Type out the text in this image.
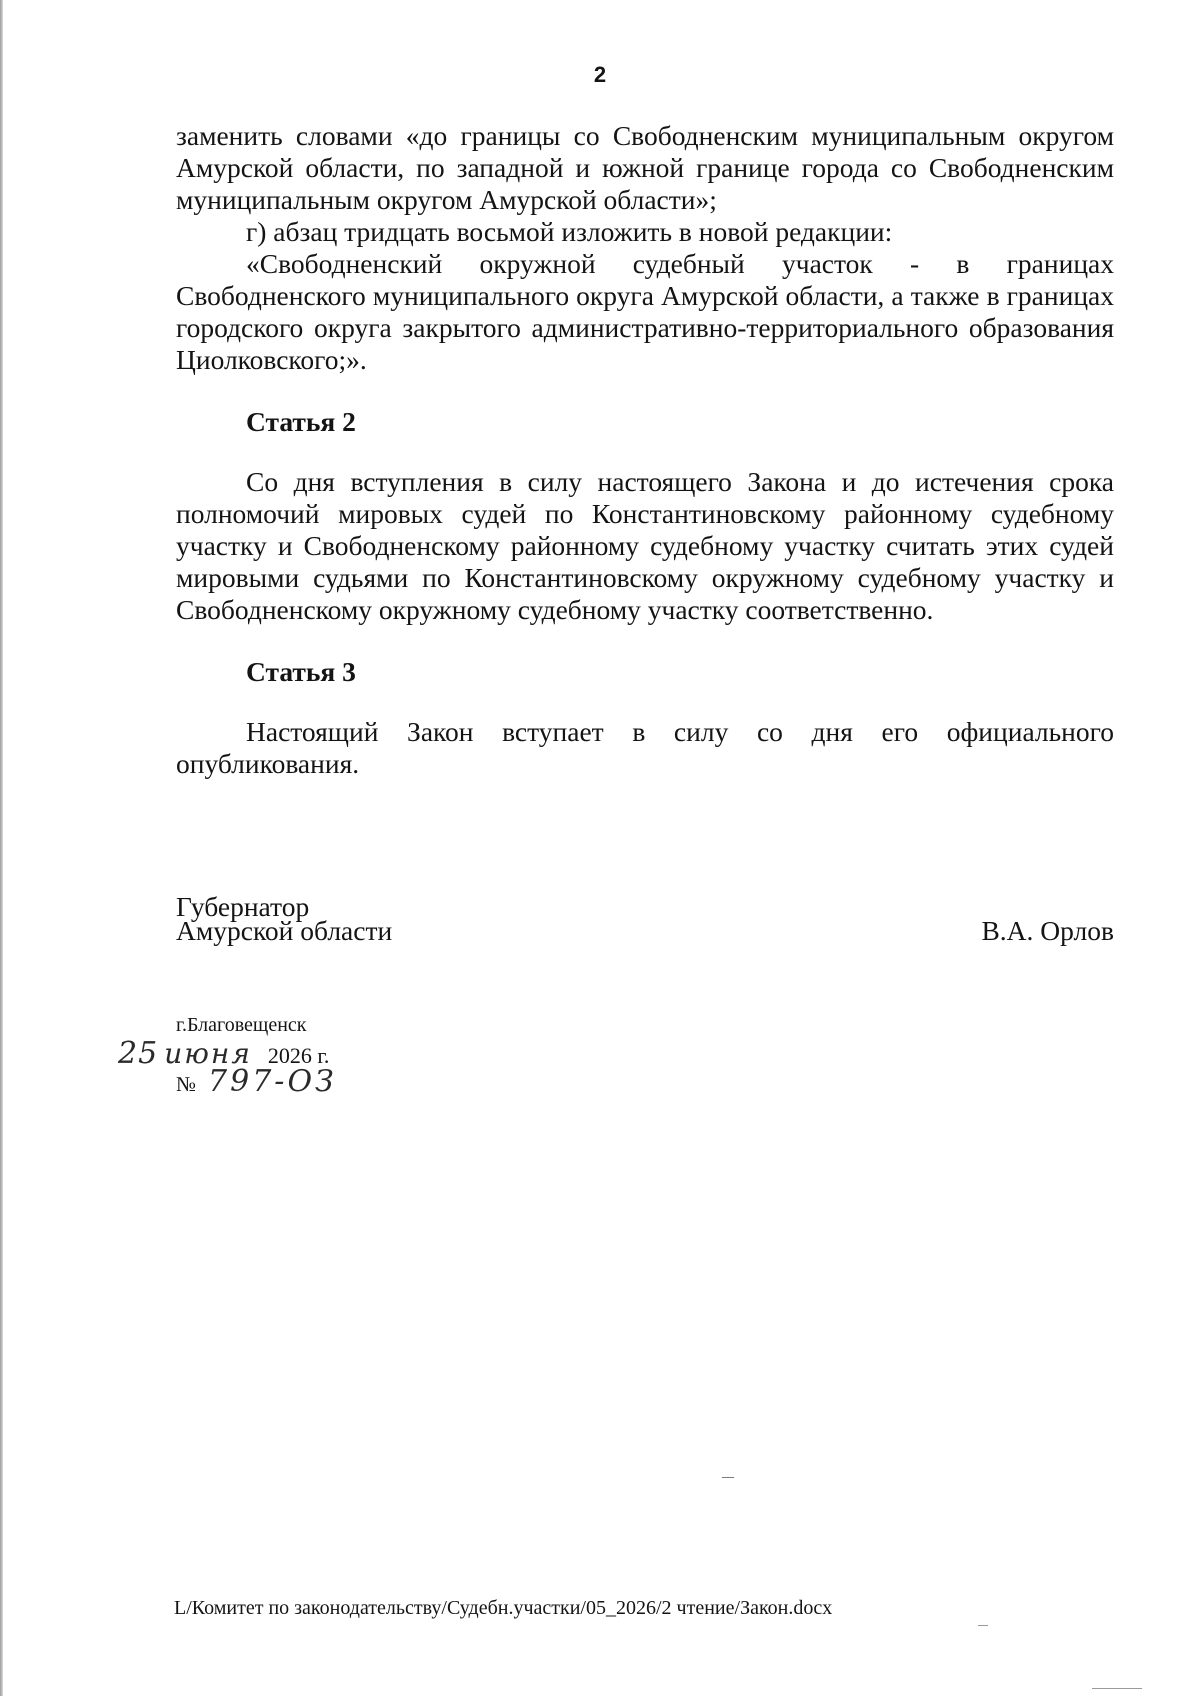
2

заменить словами «до границы со Свободненским муниципальным округом Амурской области, по западной и южной границе города со Свободненским муниципальным округом Амурской области»;

г) абзац тридцать восьмой изложить в новой редакции:

«Свободненский окружной судебный участок - в границах Свободненского муниципального округа Амурской области, а также в границах городского округа закрытого административно-территориального образования Циолковского;».

Статья 2

Со дня вступления в силу настоящего Закона и до истечения срока полномочий мировых судей по Константиновскому районному судебному участку и Свободненскому районному судебному участку считать этих судей мировыми судьями по Константиновскому окружному судебному участку и Свободненскому окружному судебному участку соответственно.

Статья 3

Настоящий Закон вступает в силу со дня его официального опубликования.

Губернатор
Амурской области	В.А. Орлов
г.Благовещенск
25 июня 2026 г.
№ 797-ОЗ
L/Комитет по законодательству/Судебн.участки/05_2026/2 чтение/Закон.docx
